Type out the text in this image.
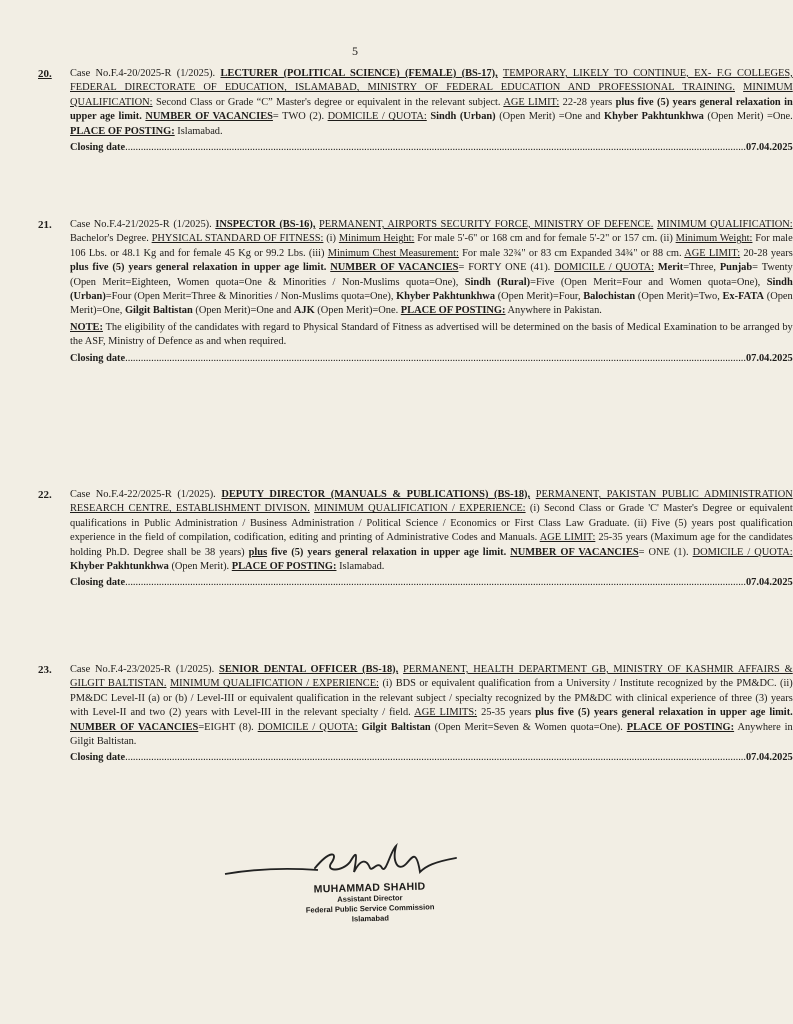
5
20.	Case No.F.4-20/2025-R (1/2025). LECTURER (POLITICAL SCIENCE) (FEMALE) (BS-17), TEMPORARY, LIKELY TO CONTINUE, EX- F.G COLLEGES, FEDERAL DIRECTORATE OF EDUCATION, ISLAMABAD, MINISTRY OF FEDERAL EDUCATION AND PROFESSIONAL TRAINING. MINIMUM QUALIFICATION: Second Class or Grade “C” Master's degree or equivalent in the relevant subject. AGE LIMIT: 22-28 years plus five (5) years general relaxation in upper age limit. NUMBER OF VACANCIES= TWO (2). DOMICILE / QUOTA: Sindh (Urban) (Open Merit) =One and Khyber Pakhtunkhwa (Open Merit) =One. PLACE OF POSTING: Islamabad.
Closing date .....	07.04.2025
21.	Case No.F.4-21/2025-R (1/2025). INSPECTOR (BS-16), PERMANENT, AIRPORTS SECURITY FORCE, MINISTRY OF DEFENCE. MINIMUM QUALIFICATION: Bachelor's Degree. PHYSICAL STANDARD OF FITNESS: (i) Minimum Height: For male 5'-6" or 168 cm and for female 5'-2" or 157 cm. (ii) Minimum Weight: For male 106 Lbs. or 48.1 Kg and for female 45 Kg or 99.2 Lbs. (iii) Minimum Chest Measurement: For male 32¾" or 83 cm Expanded 34¾" or 88 cm. AGE LIMIT: 20-28 years plus five (5) years general relaxation in upper age limit. NUMBER OF VACANCIES= FORTY ONE (41). DOMICILE / QUOTA: Merit=Three, Punjab= Twenty (Open Merit=Eighteen, Women quota=One & Minorities / Non-Muslims quota=One), Sindh (Rural)=Five (Open Merit=Four and Women quota=One), Sindh (Urban)=Four (Open Merit=Three & Minorities / Non-Muslims quota=One), Khyber Pakhtunkhwa (Open Merit)=Four, Balochistan (Open Merit)=Two, Ex-FATA (Open Merit)=One, Gilgit Baltistan (Open Merit)=One and AJK (Open Merit)=One. PLACE OF POSTING: Anywhere in Pakistan.
NOTE: The eligibility of the candidates with regard to Physical Standard of Fitness as advertised will be determined on the basis of Medical Examination to be arranged by the ASF, Ministry of Defence as and when required.
Closing date .....	07.04.2025
22.	Case No.F.4-22/2025-R (1/2025). DEPUTY DIRECTOR (MANUALS & PUBLICATIONS) (BS-18), PERMANENT, PAKISTAN PUBLIC ADMINISTRATION RESEARCH CENTRE, ESTABLISHMENT DIVISON. MINIMUM QUALIFICATION / EXPERIENCE: (i) Second Class or Grade 'C' Master's Degree or equivalent qualifications in Public Administration / Business Administration / Political Science / Economics or First Class Law Graduate. (ii) Five (5) years post qualification experience in the field of compilation, codification, editing and printing of Administrative Codes and Manuals. AGE LIMIT: 25-35 years (Maximum age for the candidates holding Ph.D. Degree shall be 38 years) plus five (5) years general relaxation in upper age limit. NUMBER OF VACANCIES= ONE (1). DOMICILE / QUOTA: Khyber Pakhtunkhwa (Open Merit). PLACE OF POSTING: Islamabad.
Closing date .....	07.04.2025
23.	Case No.F.4-23/2025-R (1/2025). SENIOR DENTAL OFFICER (BS-18), PERMANENT, HEALTH DEPARTMENT GB, MINISTRY OF KASHMIR AFFAIRS & GILGIT BALTISTAN. MINIMUM QUALIFICATION / EXPERIENCE: (i) BDS or equivalent qualification from a University / Institute recognized by the PM&DC. (ii) PM&DC Level-II (a) or (b) / Level-III or equivalent qualification in the relevant subject / specialty recognized by the PM&DC with clinical experience of three (3) years with Level-II and two (2) years with Level-III in the relevant specialty / field. AGE LIMITS: 25-35 years plus five (5) years general relaxation in upper age limit. NUMBER OF VACANCIES=EIGHT (8). DOMICILE / QUOTA: Gilgit Baltistan (Open Merit=Seven & Women quota=One). PLACE OF POSTING: Anywhere in Gilgit Baltistan.
Closing date .....	07.04.2025
MUHAMMAD SHAHID
Assistant Director
Federal Public Service Commission
Islamabad
